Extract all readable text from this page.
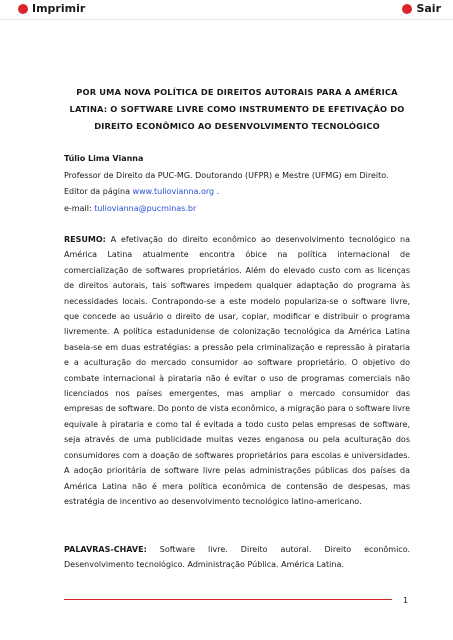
Imprimir	Sair
POR UMA NOVA POLÍTICA DE DIREITOS AUTORAIS PARA A AMÉRICA LATINA: O SOFTWARE LIVRE COMO INSTRUMENTO DE EFETIVAÇÃO DO DIREITO ECONÔMICO AO DESENVOLVIMENTO TECNOLÓGICO
Túlio Lima Vianna
Professor de Direito da PUC-MG. Doutorando (UFPR) e Mestre (UFMG) em Direito.
Editor da página www.tuliovianna.org .
e-mail: tuliovianna@pucminas.br
RESUMO: A efetivação do direito econômico ao desenvolvimento tecnológico na América Latina atualmente encontra óbice na política internacional de comercialização de softwares proprietários. Além do elevado custo com as licenças de direitos autorais, tais softwares impedem qualquer adaptação do programa às necessidades locais. Contrapondo-se a este modelo populariza-se o software livre, que concede ao usuário o direito de usar, copiar, modificar e distribuir o programa livremente. A política estadunidense de colonização tecnológica da América Latina baseia-se em duas estratégias: a pressão pela criminalização e repressão à pirataria e a aculturação do mercado consumidor ao software proprietário. O objetivo do combate internacional à pirataria não é evitar o uso de programas comerciais não licenciados nos países emergentes, mas ampliar o mercado consumidor das empresas de software. Do ponto de vista econômico, a migração para o software livre equivale à pirataria e como tal é evitada a todo custo pelas empresas de software, seja através de uma publicidade muitas vezes enganosa ou pela aculturação dos consumidores com a doação de softwares proprietários para escolas e universidades. A adoção prioritária de software livre pelas administrações públicas dos países da América Latina não é mera política econômica de contensão de despesas, mas estratégia de incentivo ao desenvolvimento tecnológico latino-americano.
PALAVRAS-CHAVE: Software livre. Direito autoral. Direito econômico. Desenvolvimento tecnológico. Administração Pública. América Latina.
1
